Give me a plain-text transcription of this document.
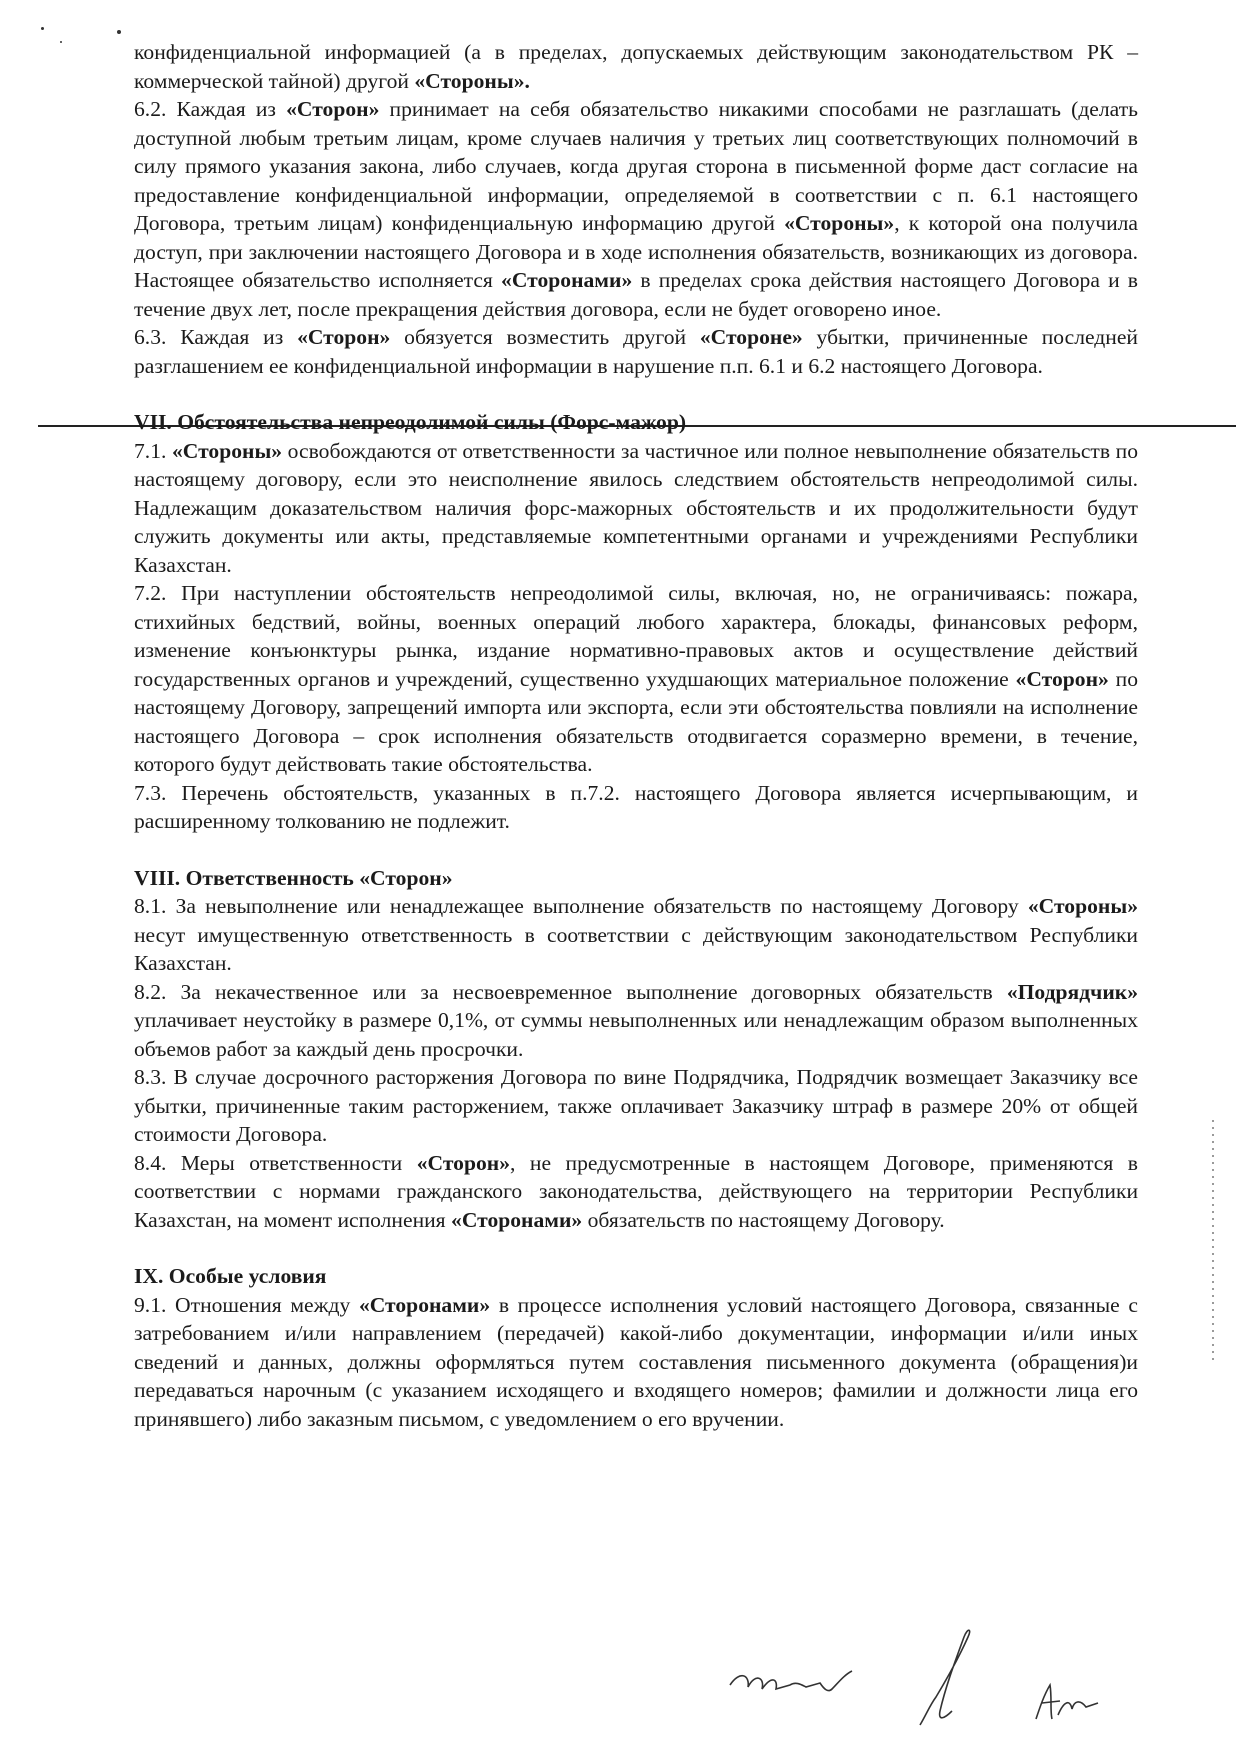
конфиденциальной информацией (а в пределах, допускаемых действующим законодательством РК – коммерческой тайной) другой «Стороны».

6.2. Каждая из «Сторон» принимает на себя обязательство никакими способами не разглашать (делать доступной любым третьим лицам, кроме случаев наличия у третьих лиц соответствующих полномочий в силу прямого указания закона, либо случаев, когда другая сторона в письменной форме даст согласие на предоставление конфиденциальной информации, определяемой в соответствии с п. 6.1 настоящего Договора, третьим лицам) конфиденциальную информацию другой «Стороны», к которой она получила доступ, при заключении настоящего Договора и в ходе исполнения обязательств, возникающих из договора. Настоящее обязательство исполняется «Сторонами» в пределах срока действия настоящего Договора и в течение двух лет, после прекращения действия договора, если не будет оговорено иное.

6.3. Каждая из «Сторон» обязуется возместить другой «Стороне» убытки, причиненные последней разглашением ее конфиденциальной информации в нарушение п.п. 6.1 и 6.2 настоящего Договора.

VII. Обстоятельства непреодолимой силы (Форс-мажор)

7.1. «Стороны» освобождаются от ответственности за частичное или полное невыполнение обязательств по настоящему договору, если это неисполнение явилось следствием обстоятельств непреодолимой силы. Надлежащим доказательством наличия форс-мажорных обстоятельств и их продолжительности будут служить документы или акты, представляемые компетентными органами и учреждениями Республики Казахстан.

7.2. При наступлении обстоятельств непреодолимой силы, включая, но, не ограничиваясь: пожара, стихийных бедствий, войны, военных операций любого характера, блокады, финансовых реформ, изменение конъюнктуры рынка, издание нормативно-правовых актов и осуществление действий государственных органов и учреждений, существенно ухудшающих материальное положение «Сторон» по настоящему Договору, запрещений импорта или экспорта, если эти обстоятельства повлияли на исполнение настоящего Договора – срок исполнения обязательств отодвигается соразмерно времени, в течение, которого будут действовать такие обстоятельства.

7.3. Перечень обстоятельств, указанных в п.7.2. настоящего Договора является исчерпывающим, и расширенному толкованию не подлежит.

VIII. Ответственность «Сторон»

8.1. За невыполнение или ненадлежащее выполнение обязательств по настоящему Договору «Стороны» несут имущественную ответственность в соответствии с действующим законодательством Республики Казахстан.

8.2. За некачественное или за несвоевременное выполнение договорных обязательств «Подрядчик» уплачивает неустойку в размере 0,1%, от суммы невыполненных или ненадлежащим образом выполненных объемов работ за каждый день просрочки.

8.3. В случае досрочного расторжения Договора по вине Подрядчика, Подрядчик возмещает Заказчику все убытки, причиненные таким расторжением, также оплачивает Заказчику штраф в размере 20% от общей стоимости Договора.

8.4. Меры ответственности «Сторон», не предусмотренные в настоящем Договоре, применяются в соответствии с нормами гражданского законодательства, действующего на территории Республики Казахстан, на момент исполнения «Сторонами» обязательств по настоящему Договору.

IX. Особые условия

9.1. Отношения между «Сторонами» в процессе исполнения условий настоящего Договора, связанные с затребованием и/или направлением (передачей) какой-либо документации, информации и/или иных сведений и данных, должны оформляться путем составления письменного документа (обращения)и передаваться нарочным (с указанием исходящего и входящего номеров; фамилии и должности лица его принявшего) либо заказным письмом, с уведомлением о его вручении.
